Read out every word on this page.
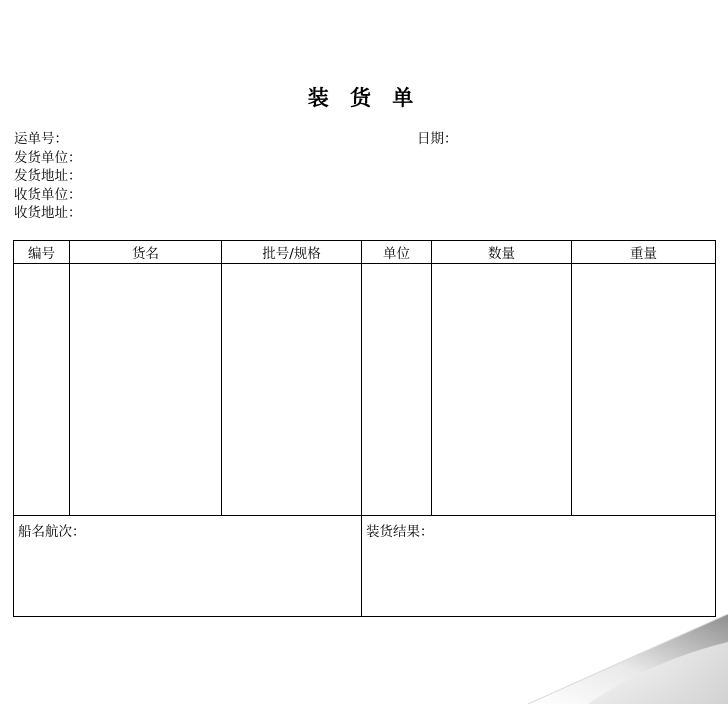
装 货 单
运单号：	日期：
发货单位：
发货地址：
收货单位：
收货地址：
编号	货名	批号/规格	单位	数量	重量

船名航次：			装货结果：		
